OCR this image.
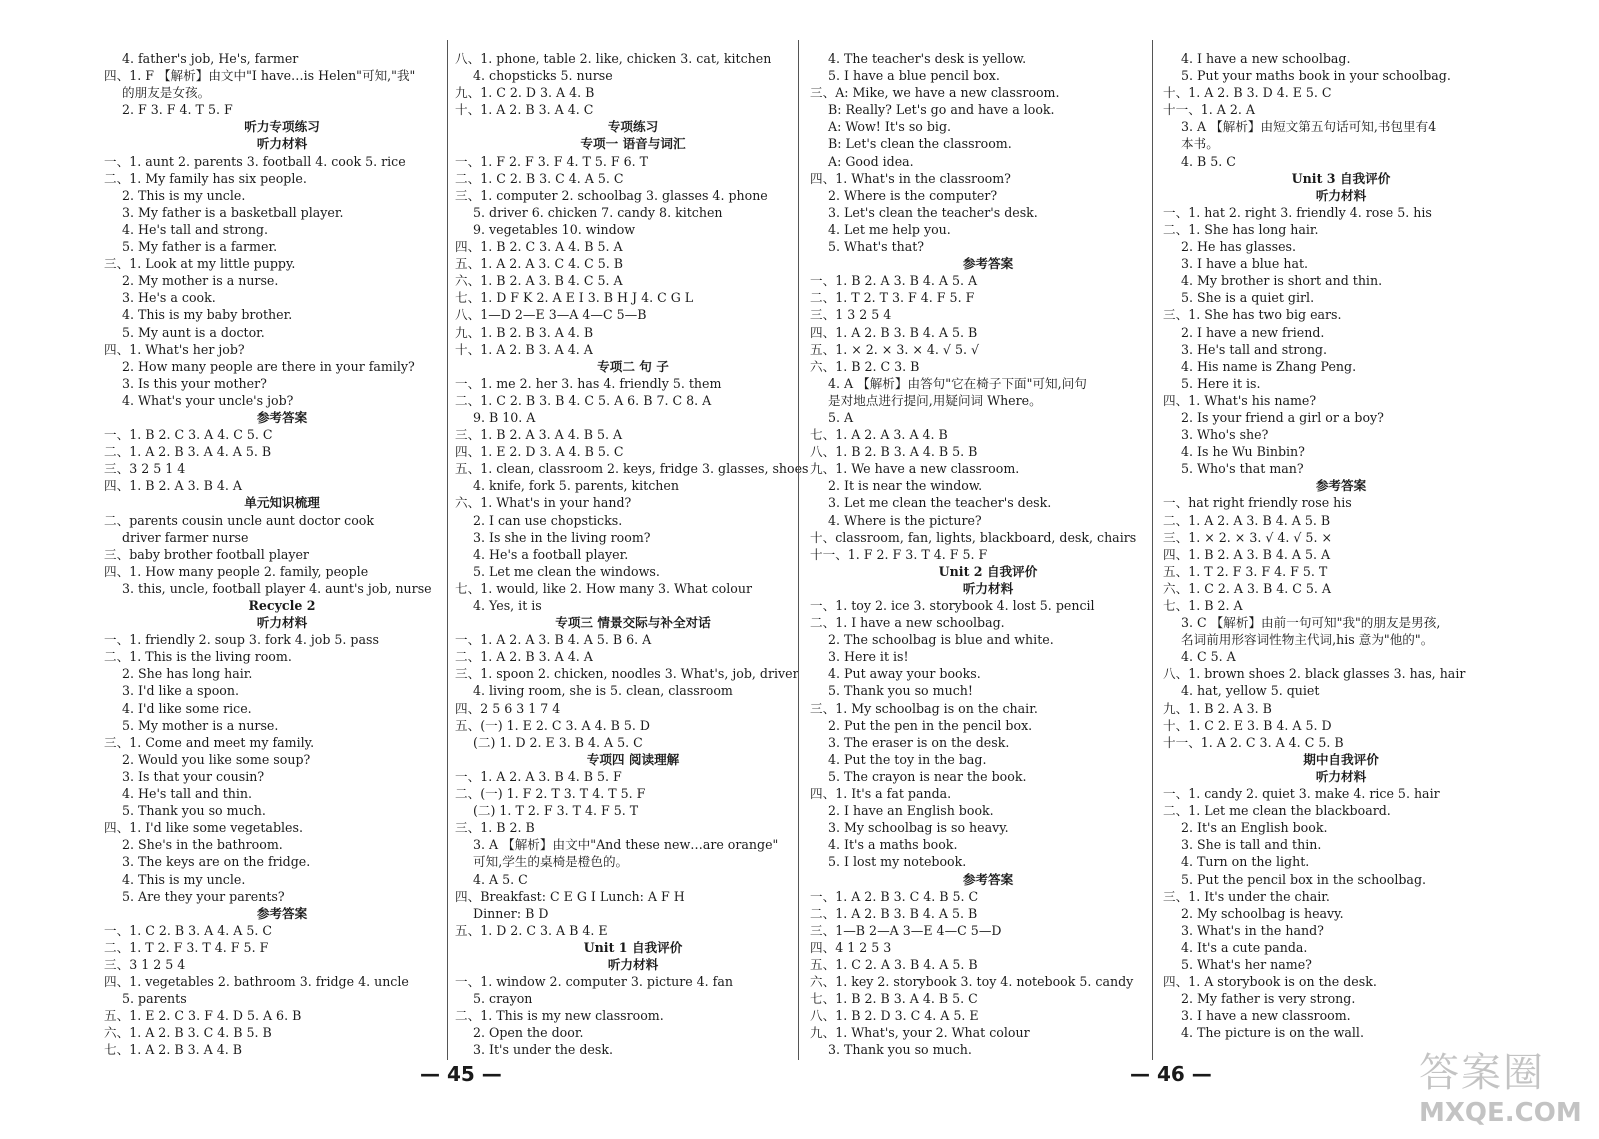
4. father's job, He's, farmer
四、1. F 【解析】由文中"I have…is Helen"可知,"我"
的朋友是女孩。
2. F 3. F 4. T 5. F
听力专项练习
听力材料
一、1. aunt 2. parents 3. football 4. cook 5. rice
二、1. My family has six people.
2. This is my uncle.
3. My father is a basketball player.
4. He's tall and strong.
5. My father is a farmer.
三、1. Look at my little puppy.
2. My mother is a nurse.
3. He's a cook.
4. This is my baby brother.
5. My aunt is a doctor.
四、1. What's her job?
2. How many people are there in your family?
3. Is this your mother?
4. What's your uncle's job?
参考答案
一、1. B 2. C 3. A 4. C 5. C
二、1. A 2. B 3. A 4. A 5. B
三、3 2 5 1 4
四、1. B 2. A 3. B 4. A
单元知识梳理
二、parents cousin uncle aunt doctor cook
driver farmer nurse
三、baby brother football player
四、1. How many people 2. family, people
3. this, uncle, football player 4. aunt's job, nurse
Recycle 2
听力材料
一、1. friendly 2. soup 3. fork 4. job 5. pass
二、1. This is the living room.
2. She has long hair.
3. I'd like a spoon.
4. I'd like some rice.
5. My mother is a nurse.
三、1. Come and meet my family.
2. Would you like some soup?
3. Is that your cousin?
4. He's tall and thin.
5. Thank you so much.
四、1. I'd like some vegetables.
2. She's in the bathroom.
3. The keys are on the fridge.
4. This is my uncle.
5. Are they your parents?
参考答案
一、1. C 2. B 3. A 4. A 5. C
二、1. T 2. F 3. T 4. F 5. F
三、3 1 2 5 4
四、1. vegetables 2. bathroom 3. fridge 4. uncle
5. parents
五、1. E 2. C 3. F 4. D 5. A 6. B
六、1. A 2. B 3. C 4. B 5. B
七、1. A 2. B 3. A 4. B
八、1. phone, table 2. like, chicken 3. cat, kitchen
4. chopsticks 5. nurse
九、1. C 2. D 3. A 4. B
十、1. A 2. B 3. A 4. C
专项练习
专项一 语音与词汇
一、1. F 2. F 3. F 4. T 5. F 6. T
二、1. C 2. B 3. C 4. A 5. C
三、1. computer 2. schoolbag 3. glasses 4. phone
5. driver 6. chicken 7. candy 8. kitchen
9. vegetables 10. window
四、1. B 2. C 3. A 4. B 5. A
五、1. A 2. A 3. C 4. C 5. B
六、1. B 2. A 3. B 4. C 5. A
七、1. D F K 2. A E I 3. B H J 4. C G L
八、1—D 2—E 3—A 4—C 5—B
九、1. B 2. B 3. A 4. B
十、1. A 2. B 3. A 4. A
专项二 句 子
一、1. me 2. her 3. has 4. friendly 5. them
二、1. C 2. B 3. B 4. C 5. A 6. B 7. C 8. A
9. B 10. A
三、1. B 2. A 3. A 4. B 5. A
四、1. E 2. D 3. A 4. B 5. C
五、1. clean, classroom 2. keys, fridge 3. glasses, shoes
4. knife, fork 5. parents, kitchen
六、1. What's in your hand?
2. I can use chopsticks.
3. Is she in the living room?
4. He's a football player.
5. Let me clean the windows.
七、1. would, like 2. How many 3. What colour
4. Yes, it is
专项三 情景交际与补全对话
一、1. A 2. A 3. B 4. A 5. B 6. A
二、1. A 2. B 3. A 4. A
三、1. spoon 2. chicken, noodles 3. What's, job, driver
4. living room, she is 5. clean, classroom
四、2 5 6 3 1 7 4
五、(一) 1. E 2. C 3. A 4. B 5. D
(二) 1. D 2. E 3. B 4. A 5. C
专项四 阅读理解
一、1. A 2. A 3. B 4. B 5. F
二、(一) 1. F 2. T 3. T 4. T 5. F
(二) 1. T 2. F 3. T 4. F 5. T
三、1. B 2. B
3. A 【解析】由文中"And these new…are orange"
可知,学生的桌椅是橙色的。
4. A 5. C
四、Breakfast: C E G I Lunch: A F H
Dinner: B D
五、1. D 2. C 3. A B 4. E
Unit 1 自我评价
听力材料
一、1. window 2. computer 3. picture 4. fan
5. crayon
二、1. This is my new classroom.
2. Open the door.
3. It's under the desk.
4. The teacher's desk is yellow.
5. I have a blue pencil box.
三、A: Mike, we have a new classroom.
B: Really? Let's go and have a look.
A: Wow! It's so big.
B: Let's clean the classroom.
A: Good idea.
四、1. What's in the classroom?
2. Where is the computer?
3. Let's clean the teacher's desk.
4. Let me help you.
5. What's that?
参考答案
一、1. B 2. A 3. B 4. A 5. A
二、1. T 2. T 3. F 4. F 5. F
三、1 3 2 5 4
四、1. A 2. B 3. B 4. A 5. B
五、1. × 2. × 3. × 4. √ 5. √
六、1. B 2. C 3. B
4. A 【解析】由答句"它在椅子下面"可知,问句
是对地点进行提问,用疑问词 Where。
5. A
七、1. A 2. A 3. A 4. B
八、1. B 2. B 3. A 4. B 5. B
九、1. We have a new classroom.
2. It is near the window.
3. Let me clean the teacher's desk.
4. Where is the picture?
十、classroom, fan, lights, blackboard, desk, chairs
十一、1. F 2. F 3. T 4. F 5. F
Unit 2 自我评价
听力材料
一、1. toy 2. ice 3. storybook 4. lost 5. pencil
二、1. I have a new schoolbag.
2. The schoolbag is blue and white.
3. Here it is!
4. Put away your books.
5. Thank you so much!
三、1. My schoolbag is on the chair.
2. Put the pen in the pencil box.
3. The eraser is on the desk.
4. Put the toy in the bag.
5. The crayon is near the book.
四、1. It's a fat panda.
2. I have an English book.
3. My schoolbag is so heavy.
4. It's a maths book.
5. I lost my notebook.
参考答案
一、1. A 2. B 3. C 4. B 5. C
二、1. A 2. B 3. B 4. A 5. B
三、1—B 2—A 3—E 4—C 5—D
四、4 1 2 5 3
五、1. C 2. A 3. B 4. A 5. B
六、1. key 2. storybook 3. toy 4. notebook 5. candy
七、1. B 2. B 3. A 4. B 5. C
八、1. B 2. D 3. C 4. A 5. E
九、1. What's, your 2. What colour
3. Thank you so much.
4. I have a new schoolbag.
5. Put your maths book in your schoolbag.
十、1. A 2. B 3. D 4. E 5. C
十一、1. A 2. A
3. A 【解析】由短文第五句话可知,书包里有4
本书。
4. B 5. C
Unit 3 自我评价
听力材料
一、1. hat 2. right 3. friendly 4. rose 5. his
二、1. She has long hair.
2. He has glasses.
3. I have a blue hat.
4. My brother is short and thin.
5. She is a quiet girl.
三、1. She has two big ears.
2. I have a new friend.
3. He's tall and strong.
4. His name is Zhang Peng.
5. Here it is.
四、1. What's his name?
2. Is your friend a girl or a boy?
3. Who's she?
4. Is he Wu Binbin?
5. Who's that man?
参考答案
一、hat right friendly rose his
二、1. A 2. A 3. B 4. A 5. B
三、1. × 2. × 3. √ 4. √ 5. ×
四、1. B 2. A 3. B 4. A 5. A
五、1. T 2. F 3. F 4. F 5. T
六、1. C 2. A 3. B 4. C 5. A
七、1. B 2. A
3. C 【解析】由前一句可知"我"的朋友是男孩,
名词前用形容词性物主代词,his 意为"他的"。
4. C 5. A
八、1. brown shoes 2. black glasses 3. has, hair
4. hat, yellow 5. quiet
九、1. B 2. A 3. B
十、1. C 2. E 3. B 4. A 5. D
十一、1. A 2. C 3. A 4. C 5. B
期中自我评价
听力材料
一、1. candy 2. quiet 3. make 4. rice 5. hair
二、1. Let me clean the blackboard.
2. It's an English book.
3. She is tall and thin.
4. Turn on the light.
5. Put the pencil box in the schoolbag.
三、1. It's under the chair.
2. My schoolbag is heavy.
3. What's in the hand?
4. It's a cute panda.
5. What's her name?
四、1. A storybook is on the desk.
2. My father is very strong.
3. I have a new classroom.
4. The picture is on the wall.
— 45 —	— 46 —	答案圈
MXQE.COM
